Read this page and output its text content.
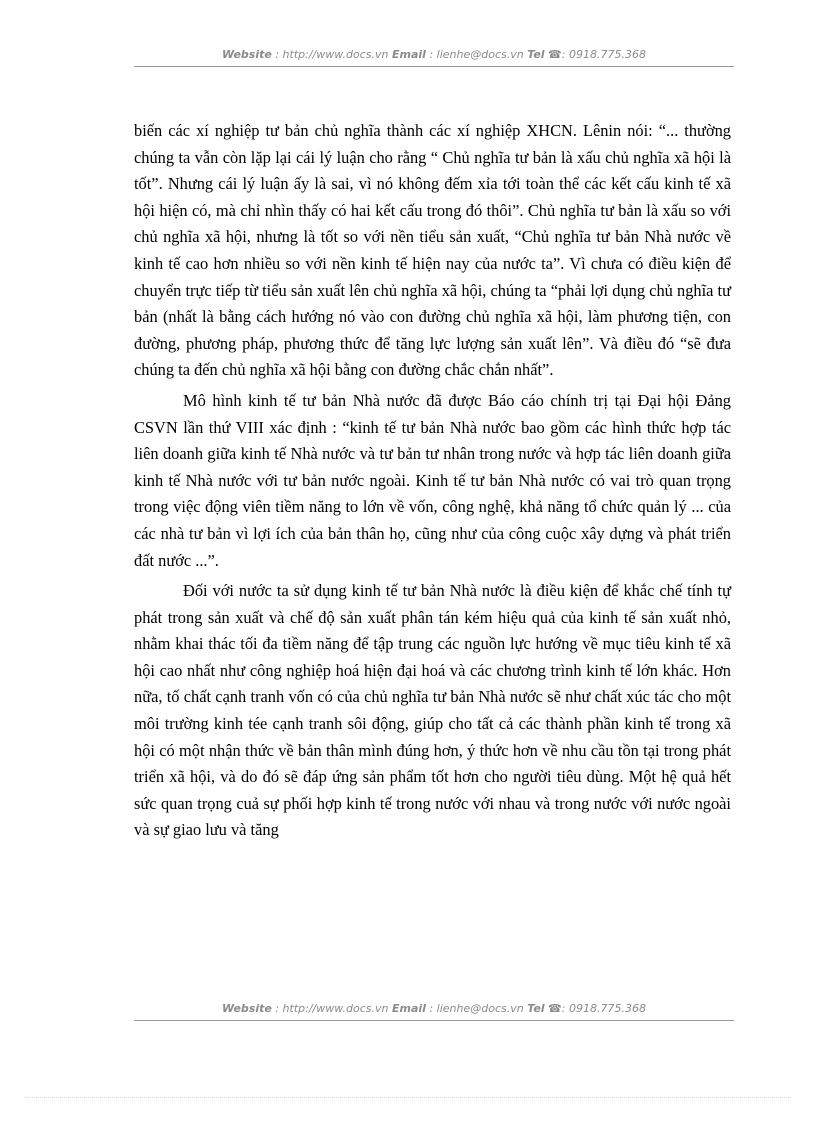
Website : http://www.docs.vn Email : lienhe@docs.vn Tel ☎: 0918.775.368

biến các xí nghiệp tư bản chủ nghĩa thành các xí nghiệp XHCN. Lênin nói: “... thường chúng ta vẫn còn lặp lại cái lý luận cho rằng “ Chủ nghĩa tư bản là xấu chủ nghĩa xã hội là tốt”. Nhưng cái lý luận ấy là sai, vì nó không đếm xỉa tới toàn thể các kết cấu kinh tế xã hội hiện có, mà chỉ nhìn thấy có hai kết cấu trong đó thôi”. Chủ nghĩa tư bản là xấu so với chủ nghĩa xã hội, nhưng là tốt so với nền tiểu sản xuất, “Chủ nghĩa tư bản Nhà nước về kinh tế cao hơn nhiều so với nền kinh tế hiện nay của nước ta”. Vì chưa có điều kiện để chuyển trực tiếp từ tiểu sản xuất lên chủ nghĩa xã hội, chúng ta “phải lợi dụng chủ nghĩa tư bản (nhất là bằng cách hướng nó vào con đường chủ nghĩa xã hội, làm phương tiện, con đường, phương pháp, phương thức để tăng lực lượng sản xuất lên”. Và điều đó “sẽ đưa chúng ta đến chủ nghĩa xã hội bằng con đường chắc chắn nhất”.

Mô hình kinh tế tư bản Nhà nước đã được Báo cáo chính trị tại Đại hội Đảng CSVN lần thứ VIII xác định : “kinh tế tư bản Nhà nước bao gồm các hình thức hợp tác liên doanh giữa kinh tế Nhà nước và tư bản tư nhân trong nước và hợp tác liên doanh giữa kinh tế Nhà nước với tư bản nước ngoài. Kinh tế tư bản Nhà nước có vai trò quan trọng trong việc động viên tiềm năng to lớn về vốn, công nghệ, khả năng tổ chức quản lý ... của các nhà tư bản vì lợi ích của bản thân họ, cũng như của công cuộc xây dựng và phát triển đất nước ...”.

Đối với nước ta sử dụng kinh tế tư bản Nhà nước là điều kiện để khắc chế tính tự phát trong sản xuất và chế độ sản xuất phân tán kém hiệu quả của kinh tế sản xuất nhỏ, nhằm khai thác tối đa tiềm năng để tập trung các nguồn lực hướng về mục tiêu kinh tế xã hội cao nhất như công nghiệp hoá hiện đại hoá và các chương trình kinh tế lớn khác. Hơn nữa, tố chất cạnh tranh vốn có của chủ nghĩa tư bản Nhà nước sẽ như chất xúc tác cho một môi trường kinh tée cạnh tranh sôi động, giúp cho tất cả các thành phần kinh tế trong xã hội có một nhận thức về bản thân mình đúng hơn, ý thức hơn về nhu cầu tồn tại trong phát triển xã hội, và do đó sẽ đáp ứng sản phẩm tốt hơn cho người tiêu dùng. Một hệ quả hết sức quan trọng cuả sự phối hợp kinh tế trong nước với nhau và trong nước với nước ngoài và sự giao lưu và tăng

Website : http://www.docs.vn Email : lienhe@docs.vn Tel ☎: 0918.775.368
